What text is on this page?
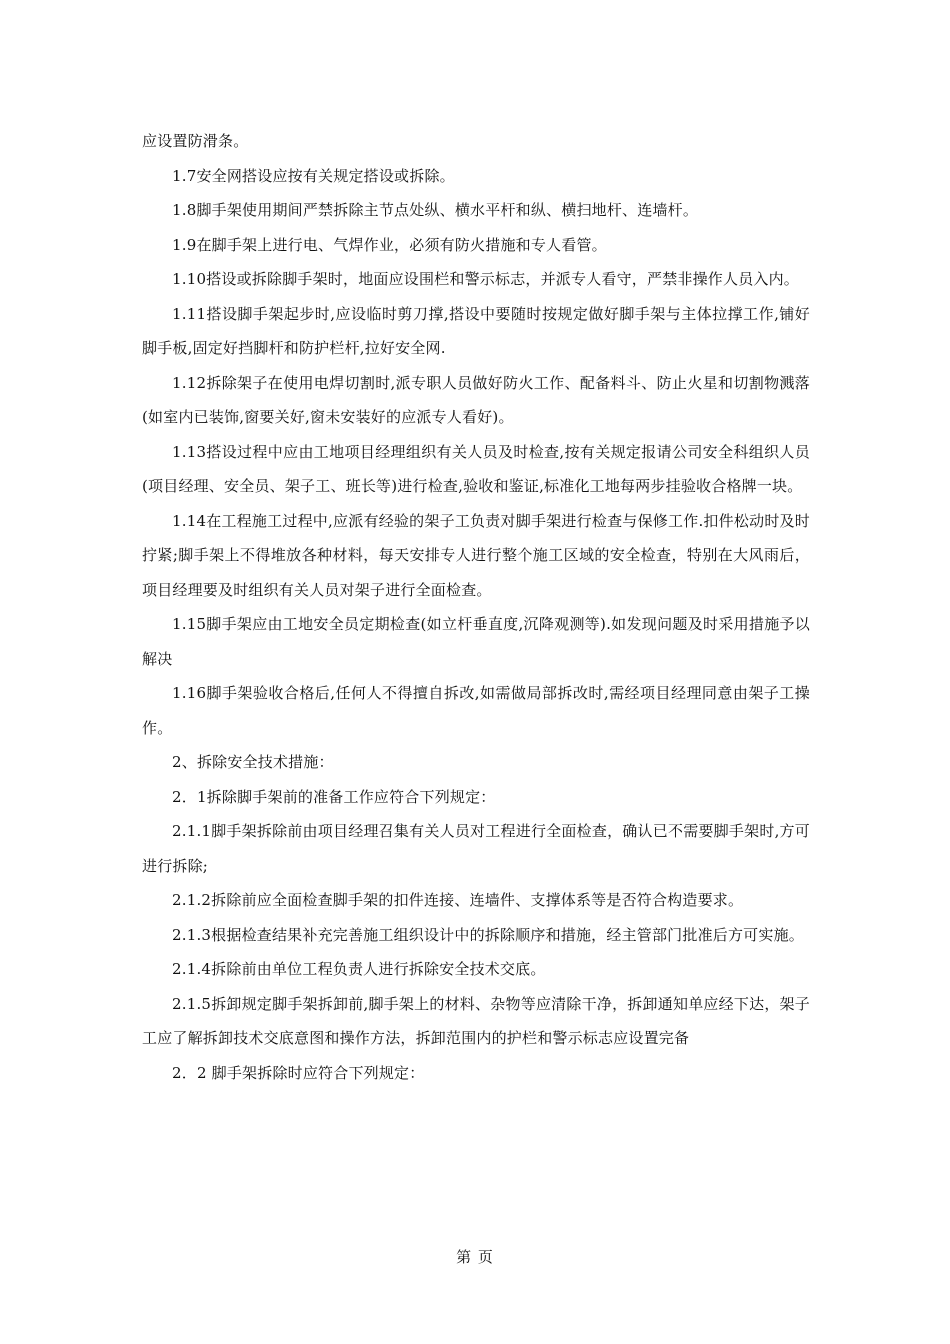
应设置防滑条。

1.7安全网搭设应按有关规定搭设或拆除。

1.8脚手架使用期间严禁拆除主节点处纵、横水平杆和纵、横扫地杆、连墙杆。

1.9在脚手架上进行电、气焊作业，必须有防火措施和专人看管。

1.10搭设或拆除脚手架时，地面应设围栏和警示标志，并派专人看守，严禁非操作人员入内。

1.11搭设脚手架起步时,应设临时剪刀撑,搭设中要随时按规定做好脚手架与主体拉撑工作,铺好脚手板,固定好挡脚杆和防护栏杆,拉好安全网.

1.12拆除架子在使用电焊切割时,派专职人员做好防火工作、配备料斗、防止火星和切割物溅落(如室内已装饰,窗要关好,窗未安装好的应派专人看好)。

1.13搭设过程中应由工地项目经理组织有关人员及时检查,按有关规定报请公司安全科组织人员(项目经理、安全员、架子工、班长等)进行检查,验收和鉴证,标准化工地每两步挂验收合格牌一块。

1.14在工程施工过程中,应派有经验的架子工负责对脚手架进行检查与保修工作.扣件松动时及时拧紧;脚手架上不得堆放各种材料，每天安排专人进行整个施工区域的安全检查，特别在大风雨后，项目经理要及时组织有关人员对架子进行全面检查。

1.15脚手架应由工地安全员定期检查(如立杆垂直度,沉降观测等).如发现问题及时采用措施予以解决

1.16脚手架验收合格后,任何人不得擅自拆改,如需做局部拆改时,需经项目经理同意由架子工操作。

2、拆除安全技术措施：

2．1拆除脚手架前的准备工作应符合下列规定：

2.1.1脚手架拆除前由项目经理召集有关人员对工程进行全面检查，确认已不需要脚手架时,方可进行拆除;

2.1.2拆除前应全面检查脚手架的扣件连接、连墙件、支撑体系等是否符合构造要求。

2.1.3根据检查结果补充完善施工组织设计中的拆除顺序和措施，经主管部门批准后方可实施。

2.1.4拆除前由单位工程负责人进行拆除安全技术交底。

2.1.5拆卸规定脚手架拆卸前,脚手架上的材料、杂物等应清除干净，拆卸通知单应经下达，架子工应了解拆卸技术交底意图和操作方法，拆卸范围内的护栏和警示标志应设置完备

2．2 脚手架拆除时应符合下列规定：

第 页
